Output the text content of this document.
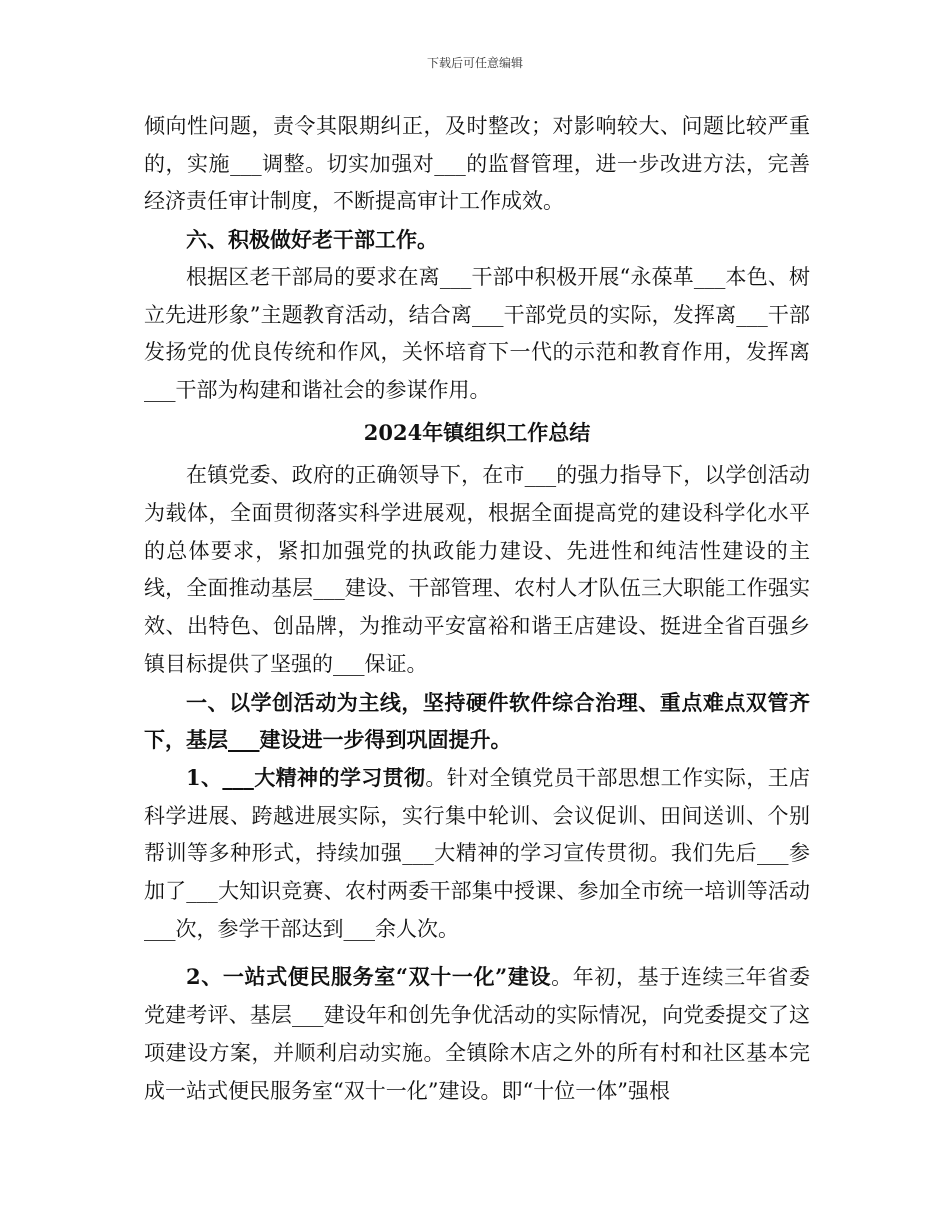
下载后可任意编辑

倾向性问题，责令其限期纠正，及时整改；对影响较大、问题比较严重的，实施___调整。切实加强对___的监督管理，进一步改进方法，完善经济责任审计制度，不断提高审计工作成效。

六、积极做好老干部工作。

根据区老干部局的要求在离___干部中积极开展“永葆革___本色、树立先进形象”主题教育活动，结合离___干部党员的实际，发挥离___干部发扬党的优良传统和作风，关怀培育下一代的示范和教育作用，发挥离___干部为构建和谐社会的参谋作用。

2024年镇组织工作总结

在镇党委、政府的正确领导下，在市___的强力指导下，以学创活动为载体，全面贯彻落实科学进展观，根据全面提高党的建设科学化水平的总体要求，紧扣加强党的执政能力建设、先进性和纯洁性建设的主线，全面推动基层___建设、干部管理、农村人才队伍三大职能工作强实效、出特色、创品牌，为推动平安富裕和谐王店建设、挺进全省百强乡镇目标提供了坚强的___保证。

一、以学创活动为主线，坚持硬件软件综合治理、重点难点双管齐下，基层___建设进一步得到巩固提升。

1、___大精神的学习贯彻。针对全镇党员干部思想工作实际，王店科学进展、跨越进展实际，实行集中轮训、会议促训、田间送训、个别帮训等多种形式，持续加强___大精神的学习宣传贯彻。我们先后___参加了___大知识竞赛、农村两委干部集中授课、参加全市统一培训等活动___次，参学干部达到___余人次。

2、一站式便民服务室“双十一化”建设。年初，基于连续三年省委党建考评、基层___建设年和创先争优活动的实际情况，向党委提交了这项建设方案，并顺利启动实施。全镇除木店之外的所有村和社区基本完成一站式便民服务室“双十一化”建设。即“十位一体”强根
